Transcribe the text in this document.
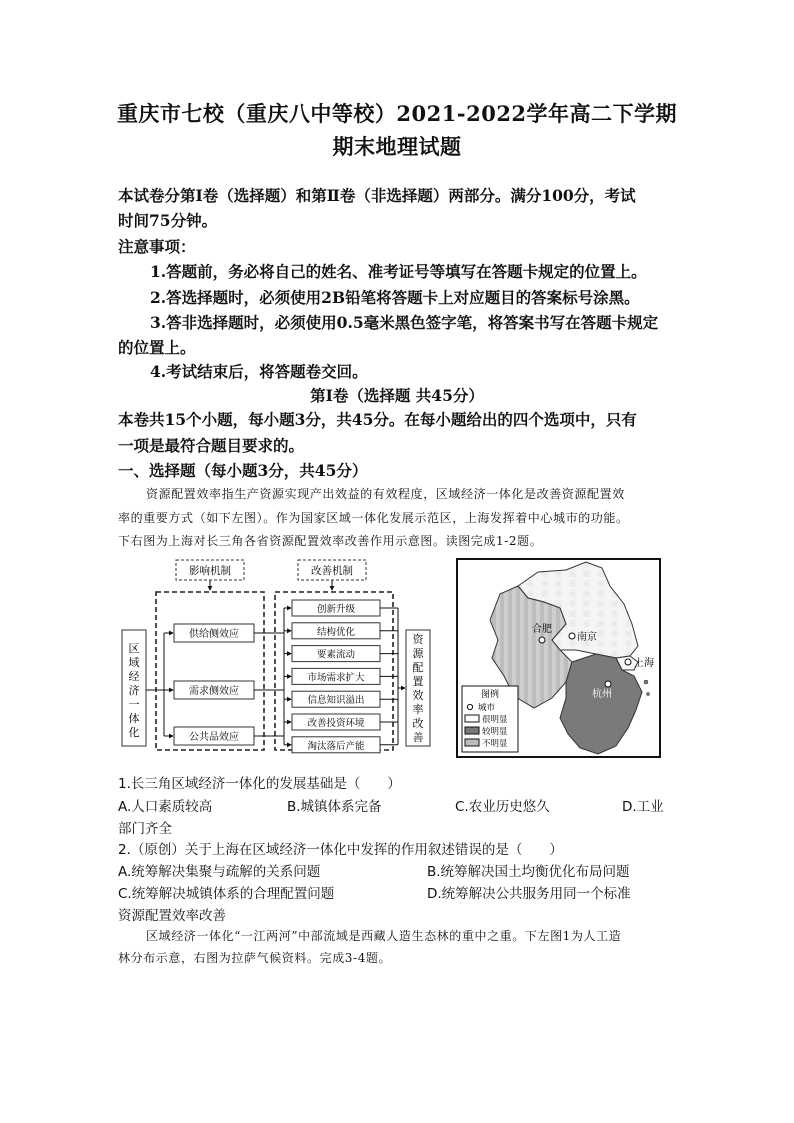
重庆市七校（重庆八中等校）2021-2022学年高二下学期
期末地理试题
本试卷分第Ⅰ卷（选择题）和第Ⅱ卷（非选择题）两部分。满分100分，考试
时间75分钟。
注意事项：
1.答题前，务必将自己的姓名、准考证号等填写在答题卡规定的位置上。
2.答选择题时，必须使用2B铅笔将答题卡上对应题目的答案标号涂黑。
3.答非选择题时，必须使用0.5毫米黑色签字笔，将答案书写在答题卡规定
的位置上。
4.考试结束后，将答题卷交回。
第Ⅰ卷（选择题 共45分）
本卷共15个小题，每小题3分，共45分。在每小题给出的四个选项中，只有
一项是最符合题目要求的。
一、选择题（每小题3分，共45分）
资源配置效率指生产资源实现产出效益的有效程度，区域经济一体化是改善资源配置效
率的重要方式（如下左图）。作为国家区域一体化发展示范区，上海发挥着中心城市的功能。
下右图为上海对长三角各省资源配置效率改善作用示意图。读图完成1-2题。
影响机制	改善机制
区域经济一体化
资源配置效率改善
供给侧效应
需求侧效应
公共品效应
创新升级
结构优化
要素流动
市场需求扩大
信息知识溢出
改善投资环境
淘汰落后产能
合肥
南京
上海
杭州
图例
城市
很明显
较明显
不明显
1.长三角区域经济一体化的发展基础是（　　）
A.人口素质较高	B.城镇体系完备	C.农业历史悠久	D.工业
部门齐全
2.（原创）关于上海在区域经济一体化中发挥的作用叙述错误的是（　　）
A.统筹解决集聚与疏解的关系问题	B.统筹解决国土均衡优化布局问题
C.统筹解决城镇体系的合理配置问题	D.统筹解决公共服务用同一个标准
资源配置效率改善
区域经济一体化“一江两河”中部流域是西藏人造生态林的重中之重。下左图1为人工造
林分布示意，右图为拉萨气候资料。完成3-4题。
